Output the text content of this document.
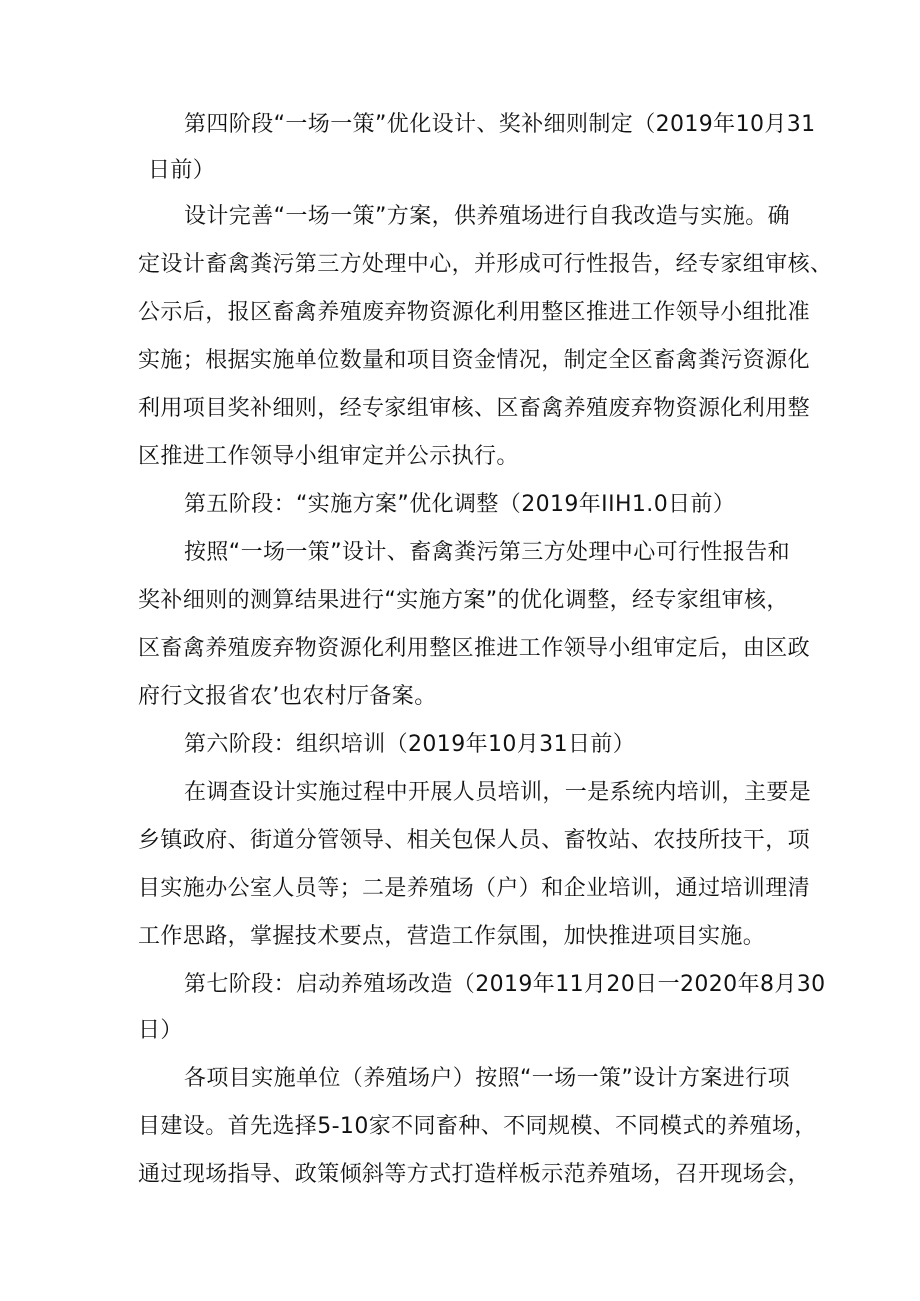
第四阶段“一场一策”优化设计、奖补细则制定（2019年10月31
日前）
设计完善“一场一策”方案，供养殖场进行自我改造与实施。确
定设计畜禽粪污第三方处理中心，并形成可行性报告，经专家组审核、
公示后，报区畜禽养殖废弃物资源化利用整区推进工作领导小组批准
实施；根据实施单位数量和项目资金情况，制定全区畜禽粪污资源化
利用项目奖补细则，经专家组审核、区畜禽养殖废弃物资源化利用整
区推进工作领导小组审定并公示执行。
第五阶段：“实施方案”优化调整（2019年IIH1.0日前）
按照“一场一策”设计、畜禽粪污第三方处理中心可行性报告和
奖补细则的测算结果进行“实施方案”的优化调整，经专家组审核，
区畜禽养殖废弃物资源化利用整区推进工作领导小组审定后，由区政
府行文报省农’也农村厅备案。
第六阶段：组织培训（2019年10月31日前）
在调查设计实施过程中开展人员培训，一是系统内培训，主要是
乡镇政府、街道分管领导、相关包保人员、畜牧站、农技所技干，项
目实施办公室人员等；二是养殖场（户）和企业培训，通过培训理清
工作思路，掌握技术要点，营造工作氛围，加快推进项目实施。
第七阶段：启动养殖场改造（2019年11月20日一2020年8月30
日）
各项目实施单位（养殖场户）按照“一场一策”设计方案进行项
目建设。首先选择5-10家不同畜种、不同规模、不同模式的养殖场，
通过现场指导、政策倾斜等方式打造样板示范养殖场，召开现场会，
